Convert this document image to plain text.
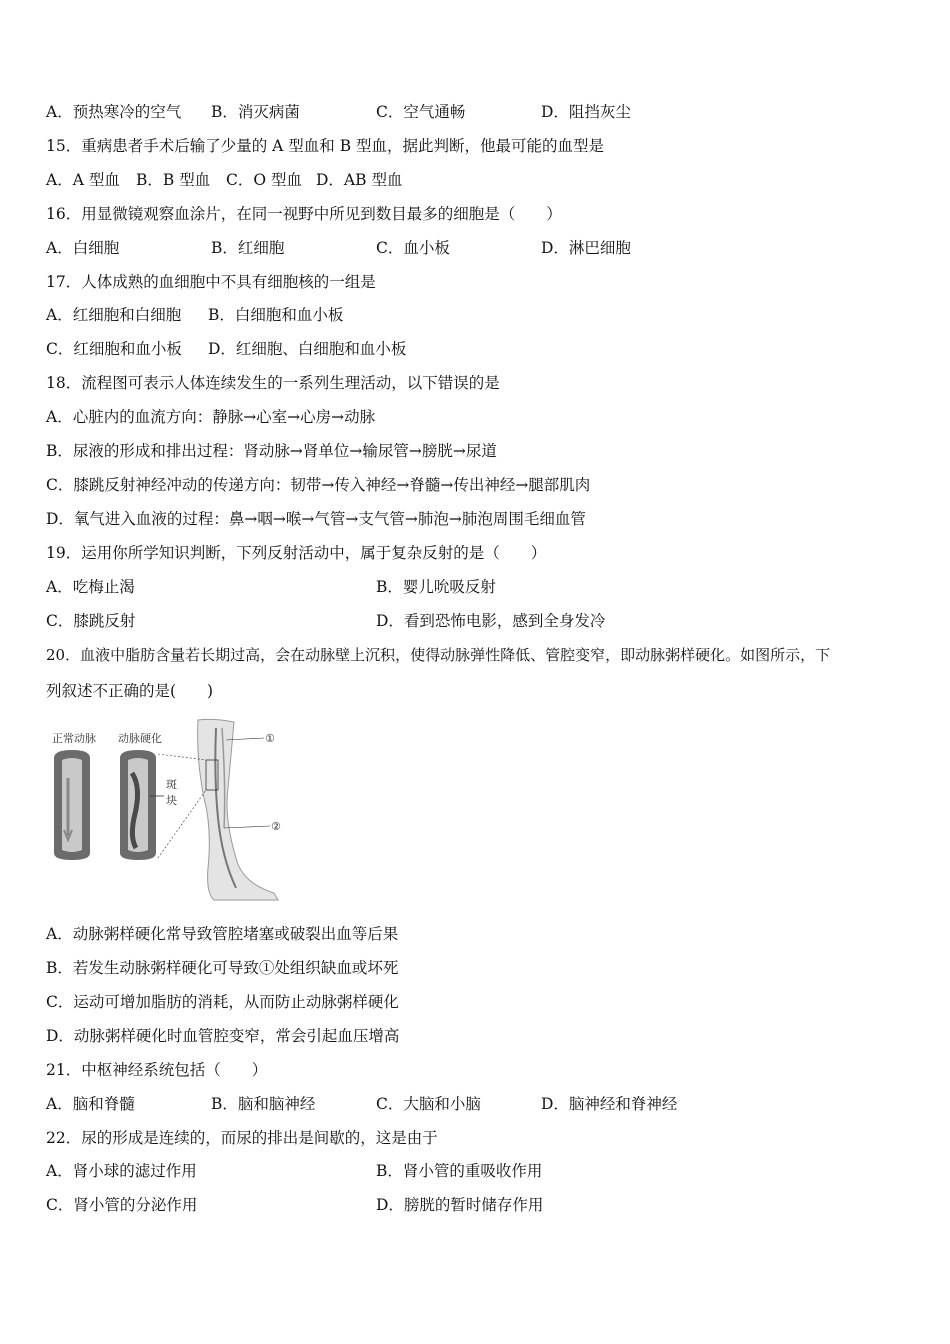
A．预热寒冷的空气 B．消灭病菌	C．空气通畅	D．阻挡灰尘
15．重病患者手术后输了少量的 A 型血和 B 型血，据此判断，他最可能的血型是
A．A 型血 B．B 型血 C．O 型血 D．AB 型血
16．用显微镜观察血涂片，在同一视野中所见到数目最多的细胞是（　　）
A．白细胞	B．红细胞	C．血小板	D．淋巴细胞
17．人体成熟的血细胞中不具有细胞核的一组是
A．红细胞和白细胞 B．白细胞和血小板
C．红细胞和血小板 D．红细胞、白细胞和血小板
18．流程图可表示人体连续发生的一系列生理活动，以下错误的是
A．心脏内的血流方向：静脉→心室→心房→动脉
B．尿液的形成和排出过程：肾动脉→肾单位→输尿管→膀胱→尿道
C．膝跳反射神经冲动的传递方向：韧带→传入神经→脊髓→传出神经→腿部肌肉
D．氧气进入血液的过程：鼻→咽→喉→气管→支气管→肺泡→肺泡周围毛细血管
19．运用你所学知识判断，下列反射活动中，属于复杂反射的是（　　）
A．吃梅止渴	B．婴儿吮吸反射
C．膝跳反射	D．看到恐怖电影，感到全身发冷
20．血液中脂肪含量若长期过高，会在动脉壁上沉积，使得动脉弹性降低、管腔变窄，即动脉粥样硬化。如图所示，下
列叙述不正确的是(　　)
正常动脉 动脉硬化
斑
块
①
②
A．动脉粥样硬化常导致管腔堵塞或破裂出血等后果
B．若发生动脉粥样硬化可导致①处组织缺血或坏死
C．运动可增加脂肪的消耗，从而防止动脉粥样硬化
D．动脉粥样硬化时血管腔变窄，常会引起血压增高
21．中枢神经系统包括（　　）
A．脑和脊髓	B．脑和脑神经	C．大脑和小脑	D．脑神经和脊神经
22．尿的形成是连续的，而尿的排出是间歇的，这是由于
A．肾小球的滤过作用	B．肾小管的重吸收作用
C．肾小管的分泌作用	D．膀胱的暂时储存作用
